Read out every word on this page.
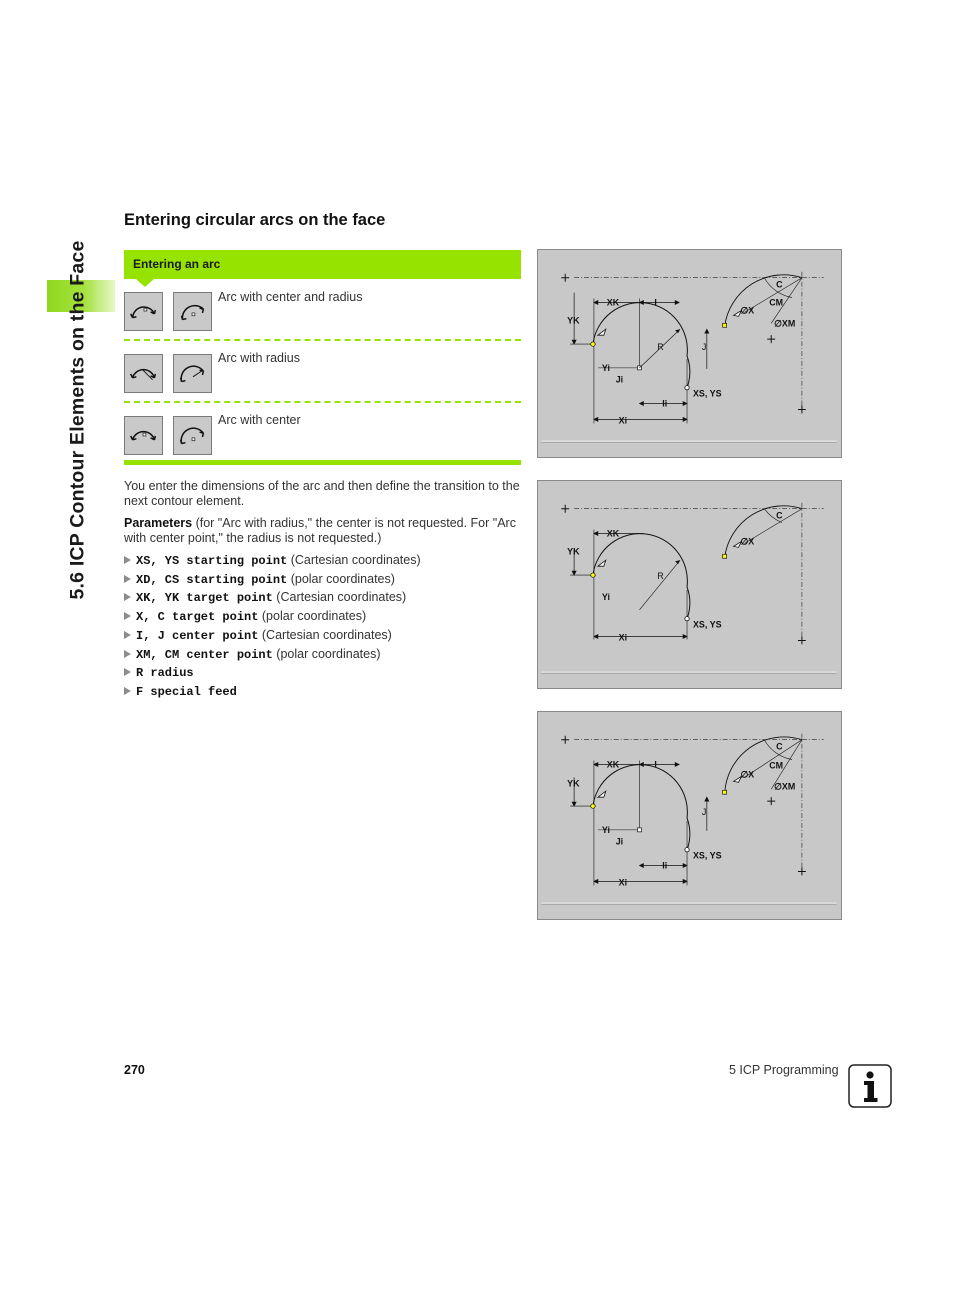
5.6 ICP Contour Elements on the Face
Entering circular arcs on the face
Entering an arc
Arc with center and radius
Arc with radius
Arc with center
You enter the dimensions of the arc and then define the transition to the next contour element.
Parameters (for "Arc with radius," the center is not requested. For "Arc with center point," the radius is not requested.)
XS, YS starting point (Cartesian coordinates)
XD, CS starting point (polar coordinates)
XK, YK target point (Cartesian coordinates)
X, C target point (polar coordinates)
I, J center point (Cartesian coordinates)
XM, CM center point (polar coordinates)
R radius
F special feed
XK	I
YK
C
CM
∅X
∅XM
R
Yi
Ji
J
XS, YS
Ii
Xi
XK
YK
C
∅X
R
Yi
XS, YS
Xi
XK	I
YK
C
CM
∅X
∅XM
Yi
Ji
J
XS, YS
Ii
Xi
270	5 ICP Programming
